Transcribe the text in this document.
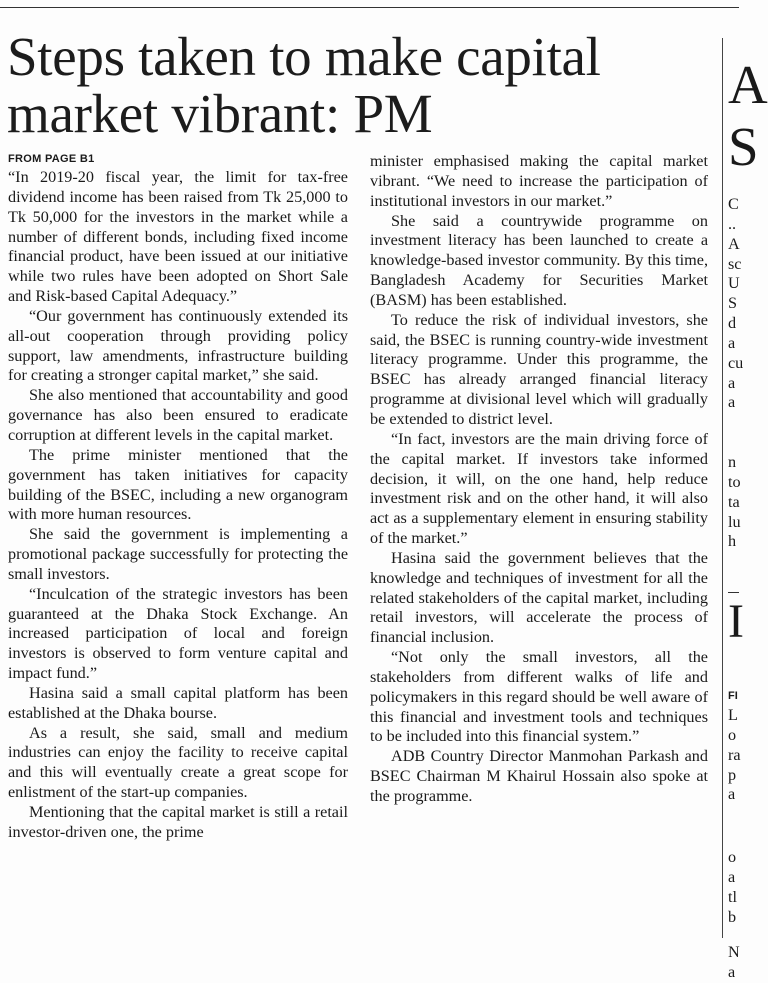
Steps taken to make capital market vibrant: PM
FROM PAGE B1

“In 2019-20 fiscal year, the limit for tax-free dividend income has been raised from Tk 25,000 to Tk 50,000 for the investors in the market while a number of different bonds, including fixed income financial product, have been issued at our initiative while two rules have been adopted on Short Sale and Risk-based Capital Adequacy.”

“Our government has continuously extended its all-out cooperation through providing policy support, law amendments, infrastructure building for creating a stronger capital market,” she said.

She also mentioned that accountability and good governance has also been ensured to eradicate corruption at different levels in the capital market.

The prime minister mentioned that the government has taken initiatives for capacity building of the BSEC, including a new organogram with more human resources.

She said the government is implementing a promotional package successfully for protecting the small investors.

“Inculcation of the strategic investors has been guaranteed at the Dhaka Stock Exchange. An increased participation of local and foreign investors is observed to form venture capital and impact fund.”

Hasina said a small capital platform has been established at the Dhaka bourse.

As a result, she said, small and medium industries can enjoy the facility to receive capital and this will eventually create a great scope for enlistment of the start-up companies.

Mentioning that the capital market is still a retail investor-driven one, the prime

minister emphasised making the capital market vibrant. “We need to increase the participation of institutional investors in our market.”

She said a countrywide programme on investment literacy has been launched to create a knowledge-based investor community. By this time, Bangladesh Academy for Securities Market (BASM) has been established.

To reduce the risk of individual investors, she said, the BSEC is running country-wide investment literacy programme. Under this programme, the BSEC has already arranged financial literacy programme at divisional level which will gradually be extended to district level.

“In fact, investors are the main driving force of the capital market. If investors take informed decision, it will, on the one hand, help reduce investment risk and on the other hand, it will also act as a supplementary element in ensuring stability of the market.”

Hasina said the government believes that the knowledge and techniques of investment for all the related stakeholders of the capital market, including retail investors, will accelerate the process of financial inclusion.

“Not only the small investors, all the stakeholders from different walks of life and policymakers in this regard should be well aware of this financial and investment tools and techniques to be included into this financial system.”

ADB Country Director Manmohan Parkash and BSEC Chairman M Khairul Hossain also spoke at the programme.

A
S
C
..
A
sc
U
S
d
a
cu
a
a
n
to
ta
lu
h
I
FI
L
o
ra
p
a
o
a
tl
b
N
a
